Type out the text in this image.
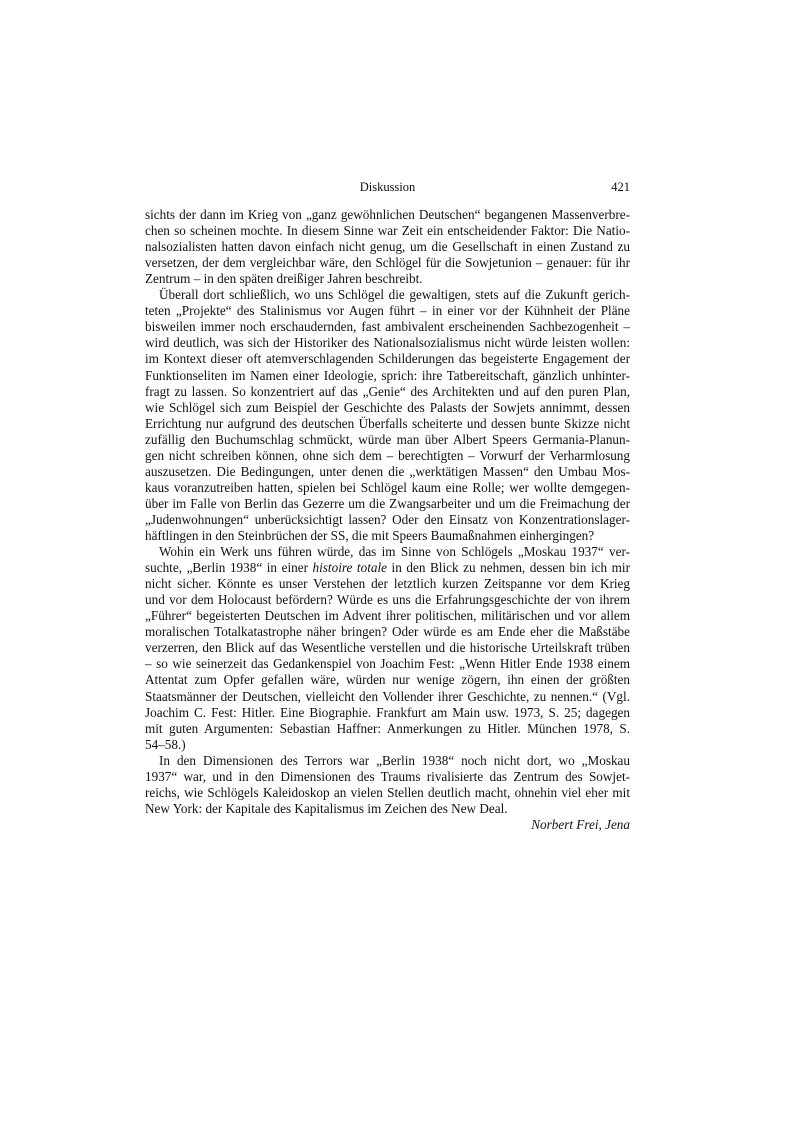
Diskussion	421
sichts der dann im Krieg von „ganz gewöhnlichen Deutschen“ begangenen Massenverbre-
chen so scheinen mochte. In diesem Sinne war Zeit ein entscheidender Faktor: Die Natio-
nalsozialisten hatten davon einfach nicht genug, um die Gesellschaft in einen Zustand zu
versetzen, der dem vergleichbar wäre, den Schlögel für die Sowjetunion – genauer: für ihr
Zentrum – in den späten dreißiger Jahren beschreibt.
Überall dort schließlich, wo uns Schlögel die gewaltigen, stets auf die Zukunft gerich-
teten „Projekte“ des Stalinismus vor Augen führt – in einer vor der Kühnheit der Pläne
bisweilen immer noch erschaudernden, fast ambivalent erscheinenden Sachbezogenheit –
wird deutlich, was sich der Historiker des Nationalsozialismus nicht würde leisten wollen:
im Kontext dieser oft atemverschlagenden Schilderungen das begeisterte Engagement der
Funktionseliten im Namen einer Ideologie, sprich: ihre Tatbereitschaft, gänzlich unhinter-
fragt zu lassen. So konzentriert auf das „Genie“ des Architekten und auf den puren Plan,
wie Schlögel sich zum Beispiel der Geschichte des Palasts der Sowjets annimmt, dessen
Errichtung nur aufgrund des deutschen Überfalls scheiterte und dessen bunte Skizze nicht
zufällig den Buchumschlag schmückt, würde man über Albert Speers Germania-Planun-
gen nicht schreiben können, ohne sich dem – berechtigten – Vorwurf der Verharmlosung
auszusetzen. Die Bedingungen, unter denen die „werktätigen Massen“ den Umbau Mos-
kaus voranzutreiben hatten, spielen bei Schlögel kaum eine Rolle; wer wollte demgegen-
über im Falle von Berlin das Gezerre um die Zwangsarbeiter und um die Freimachung der
„Judenwohnungen“ unberücksichtigt lassen? Oder den Einsatz von Konzentrationslager-
häftlingen in den Steinbrüchen der SS, die mit Speers Baumaßnahmen einhergingen?
Wohin ein Werk uns führen würde, das im Sinne von Schlögels „Moskau 1937“ ver-
suchte, „Berlin 1938“ in einer histoire totale in den Blick zu nehmen, dessen bin ich mir
nicht sicher. Könnte es unser Verstehen der letztlich kurzen Zeitspanne vor dem Krieg
und vor dem Holocaust befördern? Würde es uns die Erfahrungsgeschichte der von ihrem
„Führer“ begeisterten Deutschen im Advent ihrer politischen, militärischen und vor allem
moralischen Totalkatastrophe näher bringen? Oder würde es am Ende eher die Maßstäbe
verzerren, den Blick auf das Wesentliche verstellen und die historische Urteilskraft trüben
– so wie seinerzeit das Gedankenspiel von Joachim Fest: „Wenn Hitler Ende 1938 einem
Attentat zum Opfer gefallen wäre, würden nur wenige zögern, ihn einen der größten
Staatsmänner der Deutschen, vielleicht den Vollender ihrer Geschichte, zu nennen.“ (Vgl.
Joachim C. Fest: Hitler. Eine Biographie. Frankfurt am Main usw. 1973, S. 25; dagegen
mit guten Argumenten: Sebastian Haffner: Anmerkungen zu Hitler. München 1978, S.
54–58.)
In den Dimensionen des Terrors war „Berlin 1938“ noch nicht dort, wo „Moskau
1937“ war, und in den Dimensionen des Traums rivalisierte das Zentrum des Sowjet-
reichs, wie Schlögels Kaleidoskop an vielen Stellen deutlich macht, ohnehin viel eher mit
New York: der Kapitale des Kapitalismus im Zeichen des New Deal.
Norbert Frei, Jena
